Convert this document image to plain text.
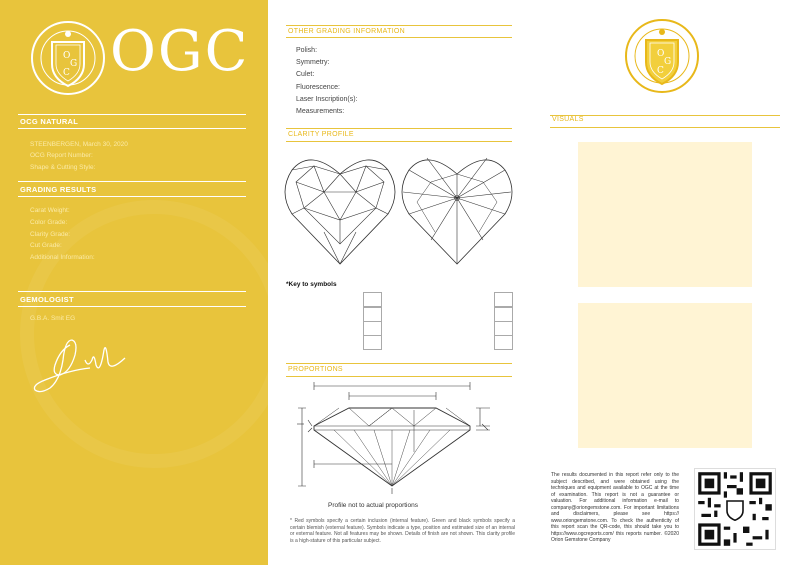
O
G
C OGC
OCG NATURAL
STEENBERGEN, March 30, 2020
OCG Report Number:
Shape & Cutting Style:
GRADING RESULTS
Carat Weight:
Color Grade:
Clarity Grade:
Cut Grade:
Additional Information:
GEMOLOGIST
G.B.A. Smit EG
OTHER GRADING INFORMATION
Polish:
Symmetry:
Culet:
Fluorescence:
Laser Inscription(s):
Measurements:
CLARITY PROFILE
*Key to symbols
PROPORTIONS
Profile not to actual proportions
* Red symbols specify a certain inclusion (internal feature). Green and black symbols specify a certain blemish (external feature). Symbols indicate a type, position and estimated size of an internal or external feature. Not all features may be shown. Details of finish are not shown. This clarity profile is a high-stature of this particular subject.
O
G
C
VISUALS
The results documented in this report refer only to the subject described, and were obtained using the techniques and equipment available to OGC at the time of examination. This report is not a guarantee or valuation. For additional information e-mail to company@oriongemstone.com. For important limitations and disclaimers, please see https:// www.oriongemstone.com. To check the authenticity of this report scan the QR-code, this should take you to https://www.ogcreports.com/ this reports number. ©2020 Orion Gemstone Company
